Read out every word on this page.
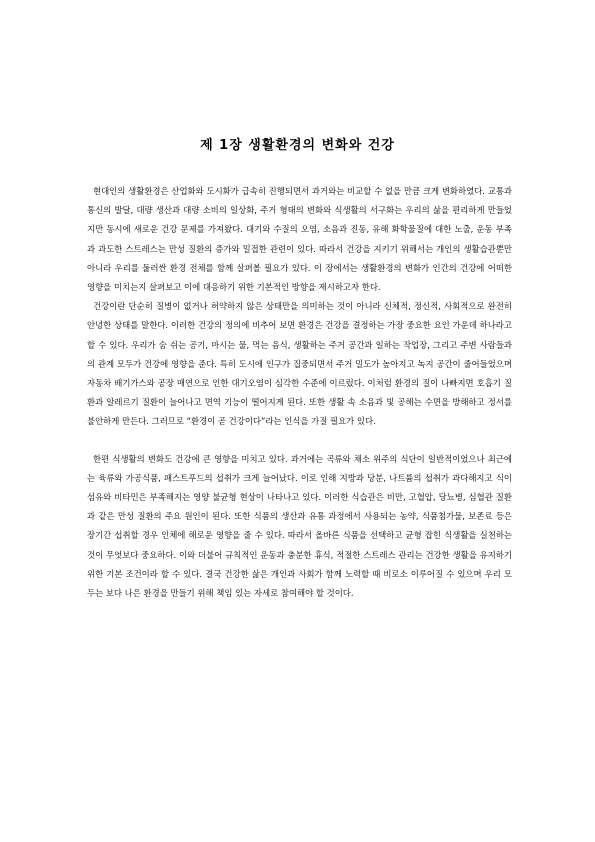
제 1장 생활환경의 변화와 건강

현대인의 생활환경은 산업화와 도시화가 급속히 진행되면서 과거와는 비교할 수 없을 만큼 크게 변화하였다. 교통과 통신의 발달, 대량 생산과 대량 소비의 일상화, 주거 형태의 변화와 식생활의 서구화는 우리의 삶을 편리하게 만들었지만 동시에 새로운 건강 문제를 가져왔다. 대기와 수질의 오염, 소음과 진동, 유해 화학물질에 대한 노출, 운동 부족과 과도한 스트레스는 만성 질환의 증가와 밀접한 관련이 있다. 따라서 건강을 지키기 위해서는 개인의 생활습관뿐만 아니라 우리를 둘러싼 환경 전체를 함께 살펴볼 필요가 있다. 이 장에서는 생활환경의 변화가 인간의 건강에 어떠한 영향을 미치는지 살펴보고 이에 대응하기 위한 기본적인 방향을 제시하고자 한다.

건강이란 단순히 질병이 없거나 허약하지 않은 상태만을 의미하는 것이 아니라 신체적, 정신적, 사회적으로 완전히 안녕한 상태를 말한다. 이러한 건강의 정의에 비추어 보면 환경은 건강을 결정하는 가장 중요한 요인 가운데 하나라고 할 수 있다. 우리가 숨 쉬는 공기, 마시는 물, 먹는 음식, 생활하는 주거 공간과 일하는 작업장, 그리고 주변 사람들과의 관계 모두가 건강에 영향을 준다. 특히 도시에 인구가 집중되면서 주거 밀도가 높아지고 녹지 공간이 줄어들었으며 자동차 배기가스와 공장 매연으로 인한 대기오염이 심각한 수준에 이르렀다. 이처럼 환경의 질이 나빠지면 호흡기 질환과 알레르기 질환이 늘어나고 면역 기능이 떨어지게 된다. 또한 생활 속 소음과 빛 공해는 수면을 방해하고 정서를 불안하게 만든다. 그러므로 “환경이 곧 건강이다”라는 인식을 가질 필요가 있다.

한편 식생활의 변화도 건강에 큰 영향을 미치고 있다. 과거에는 곡류와 채소 위주의 식단이 일반적이었으나 최근에는 육류와 가공식품, 패스트푸드의 섭취가 크게 늘어났다. 이로 인해 지방과 당분, 나트륨의 섭취가 과다해지고 식이섬유와 비타민은 부족해지는 영양 불균형 현상이 나타나고 있다. 이러한 식습관은 비만, 고혈압, 당뇨병, 심혈관 질환과 같은 만성 질환의 주요 원인이 된다. 또한 식품의 생산과 유통 과정에서 사용되는 농약, 식품첨가물, 보존료 등은 장기간 섭취할 경우 인체에 해로운 영향을 줄 수 있다. 따라서 올바른 식품을 선택하고 균형 잡힌 식생활을 실천하는 것이 무엇보다 중요하다. 이와 더불어 규칙적인 운동과 충분한 휴식, 적절한 스트레스 관리는 건강한 생활을 유지하기 위한 기본 조건이라 할 수 있다. 결국 건강한 삶은 개인과 사회가 함께 노력할 때 비로소 이루어질 수 있으며 우리 모두는 보다 나은 환경을 만들기 위해 책임 있는 자세로 참여해야 할 것이다.
